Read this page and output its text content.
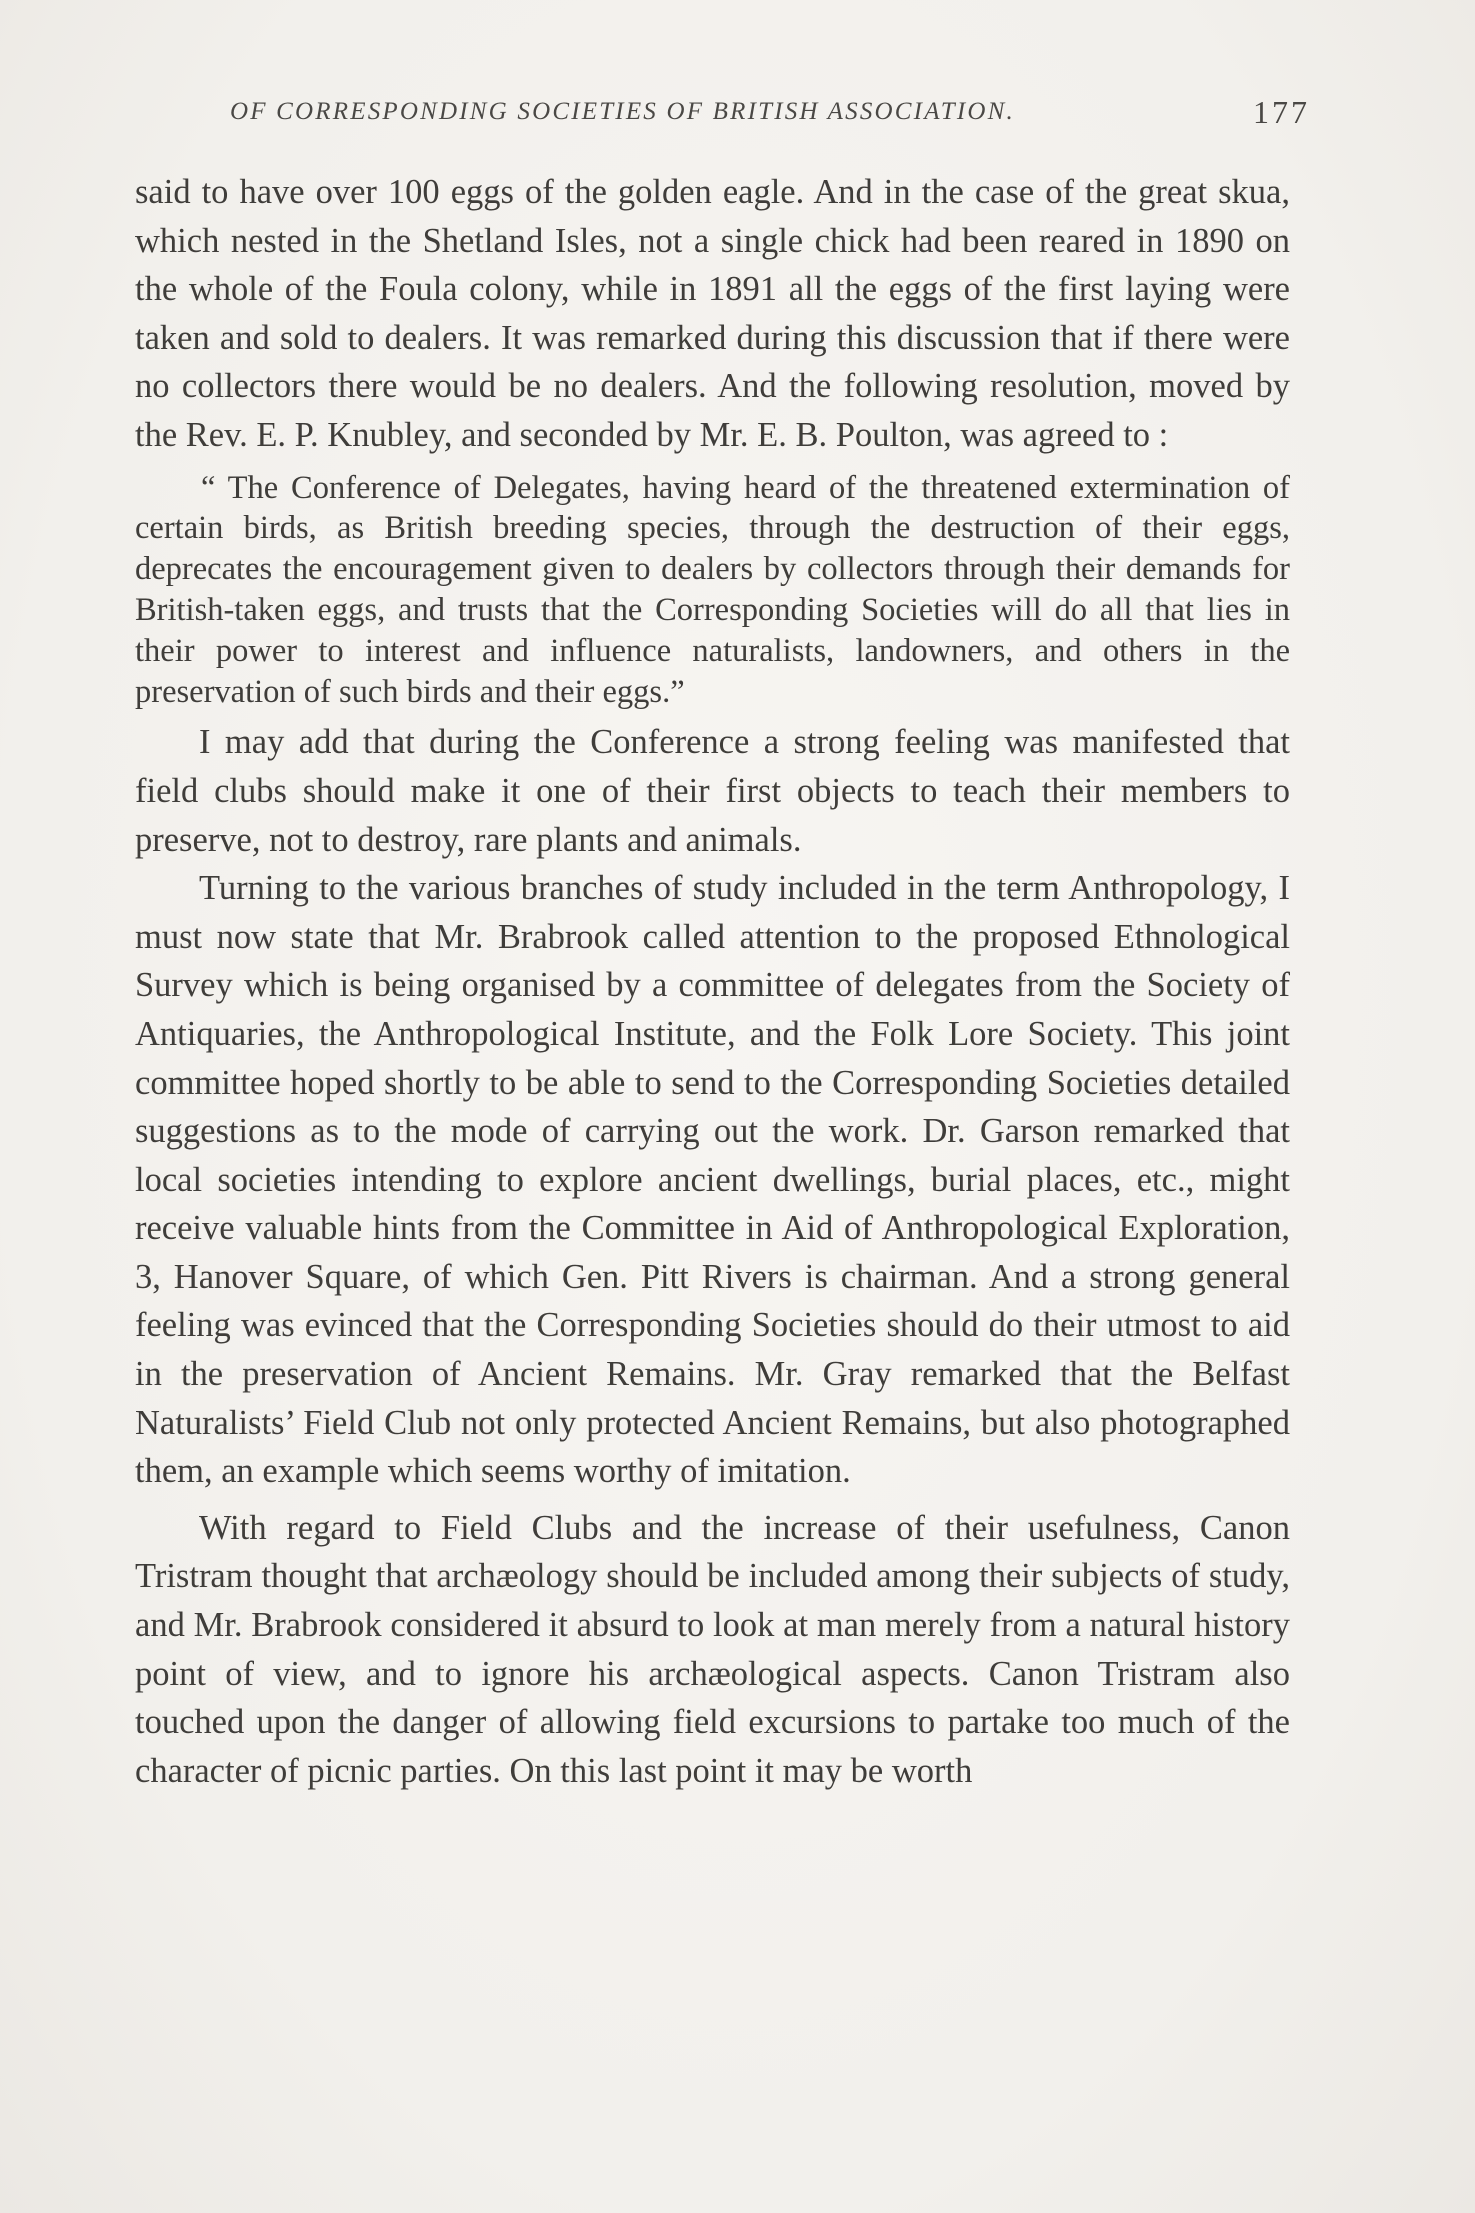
OF CORRESPONDING SOCIETIES OF BRITISH ASSOCIATION.	177

said to have over 100 eggs of the golden eagle. And in the case of the great skua, which nested in the Shetland Isles, not a single chick had been reared in 1890 on the whole of the Foula colony, while in 1891 all the eggs of the first laying were taken and sold to dealers. It was remarked during this discussion that if there were no collectors there would be no dealers. And the following resolution, moved by the Rev. E. P. Knubley, and seconded by Mr. E. B. Poulton, was agreed to :

“ The Conference of Delegates, having heard of the threatened extermination of certain birds, as British breeding species, through the destruction of their eggs, deprecates the encouragement given to dealers by collectors through their demands for British-taken eggs, and trusts that the Corresponding Societies will do all that lies in their power to interest and influence naturalists, landowners, and others in the preservation of such birds and their eggs.”

I may add that during the Conference a strong feeling was manifested that field clubs should make it one of their first objects to teach their members to preserve, not to destroy, rare plants and animals.

Turning to the various branches of study included in the term Anthropology, I must now state that Mr. Brabrook called attention to the proposed Ethnological Survey which is being organised by a committee of delegates from the Society of Antiquaries, the Anthropological Institute, and the Folk Lore Society. This joint committee hoped shortly to be able to send to the Corresponding Societies detailed suggestions as to the mode of carrying out the work. Dr. Garson remarked that local societies intending to explore ancient dwellings, burial places, etc., might receive valuable hints from the Committee in Aid of Anthropological Exploration, 3, Hanover Square, of which Gen. Pitt Rivers is chairman. And a strong general feeling was evinced that the Corresponding Societies should do their utmost to aid in the preservation of Ancient Remains. Mr. Gray remarked that the Belfast Naturalists’ Field Club not only protected Ancient Remains, but also photographed them, an example which seems worthy of imitation.

With regard to Field Clubs and the increase of their usefulness, Canon Tristram thought that archæology should be included among their subjects of study, and Mr. Brabrook considered it absurd to look at man merely from a natural history point of view, and to ignore his archæological aspects. Canon Tristram also touched upon the danger of allowing field excursions to partake too much of the character of picnic parties. On this last point it may be worth
